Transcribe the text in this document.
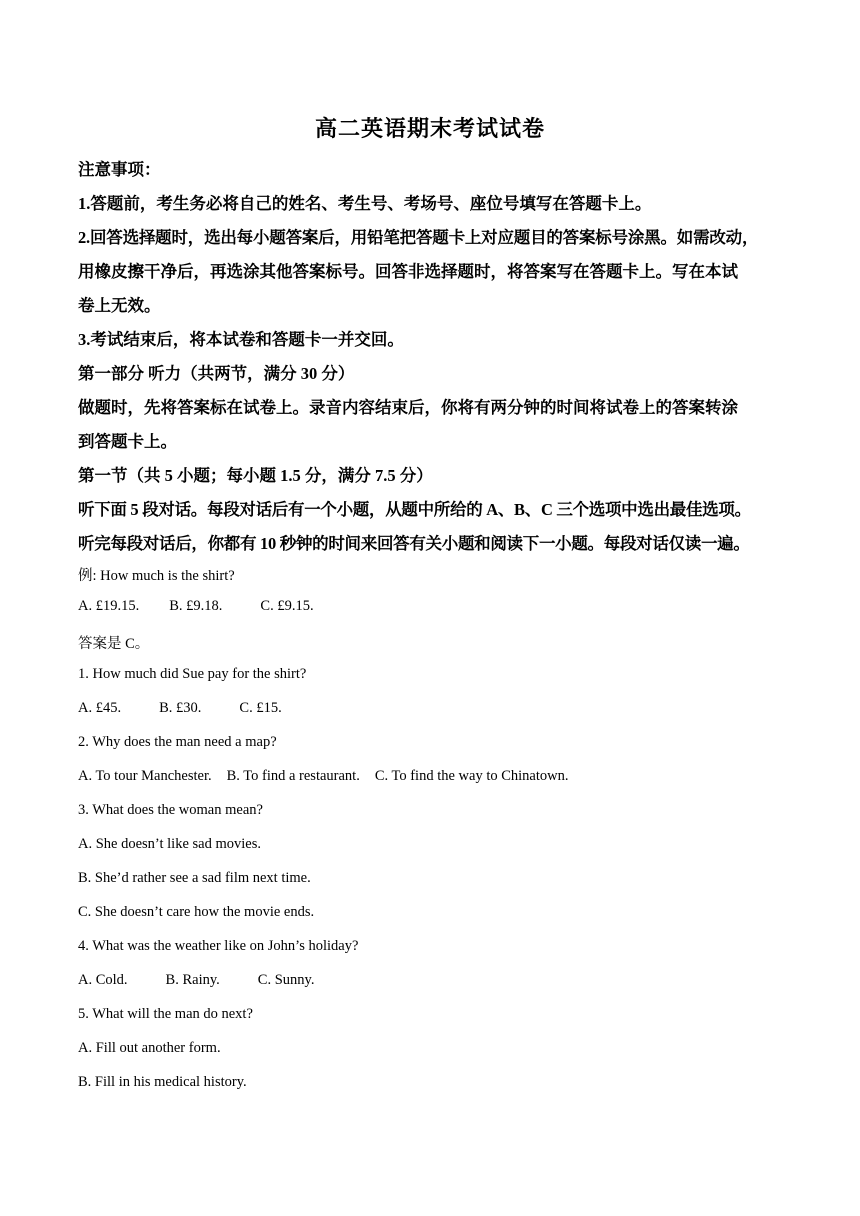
高二英语期末考试试卷
注意事项：
1.答题前，考生务必将自己的姓名、考生号、考场号、座位号填写在答题卡上。
2.回答选择题时，选出每小题答案后，用铅笔把答题卡上对应题目的答案标号涂黑。如需改动，
用橡皮擦干净后，再选涂其他答案标号。回答非选择题时，将答案写在答题卡上。写在本试
卷上无效。
3.考试结束后，将本试卷和答题卡一并交回。
第一部分 听力（共两节，满分 30 分）
做题时，先将答案标在试卷上。录音内容结束后，你将有两分钟的时间将试卷上的答案转涂
到答题卡上。
第一节（共 5 小题；每小题 1.5 分，满分 7.5 分）
听下面 5 段对话。每段对话后有一个小题，从题中所给的 A、B、C 三个选项中选出最佳选项。
听完每段对话后，你都有 10 秒钟的时间来回答有关小题和阅读下一小题。每段对话仅读一遍。
例: How much is the shirt?
A. £19.15. B. £9.18.	C. £9.15.
答案是 C。
1. How much did Sue pay for the shirt?
A. £45.	B. £30.	C. £15.
2. Why does the man need a map?
A. To tour Manchester. B. To find a restaurant. C. To find the way to Chinatown.
3. What does the woman mean?
A. She doesn’t like sad movies.
B. She’d rather see a sad film next time.
C. She doesn’t care how the movie ends.
4. What was the weather like on John’s holiday?
A. Cold.	B. Rainy.	C. Sunny.
5. What will the man do next?
A. Fill out another form.
B. Fill in his medical history.
